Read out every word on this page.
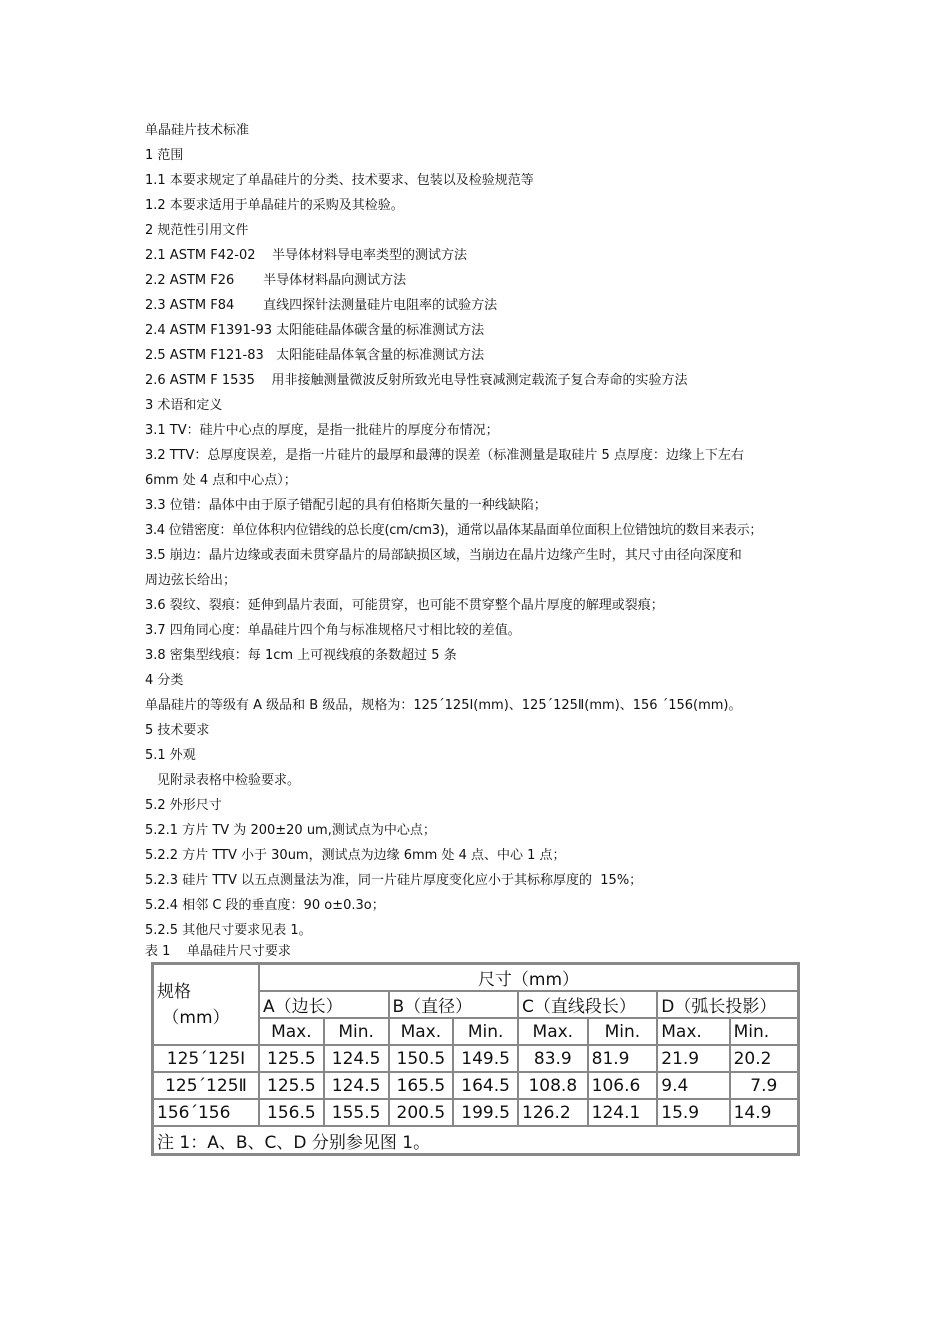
单晶硅片技术标准
1 范围
1.1 本要求规定了单晶硅片的分类、技术要求、包装以及检验规范等
1.2 本要求适用于单晶硅片的采购及其检验。
2 规范性引用文件
2.1 ASTM F42-02    半导体材料导电率类型的测试方法
2.2 ASTM F26       半导体材料晶向测试方法
2.3 ASTM F84       直线四探针法测量硅片电阻率的试验方法
2.4 ASTM F1391-93 太阳能硅晶体碳含量的标准测试方法
2.5 ASTM F121-83   太阳能硅晶体氧含量的标准测试方法
2.6 ASTM F 1535    用非接触测量微波反射所致光电导性衰减测定载流子复合寿命的实验方法
3 术语和定义
3.1 TV：硅片中心点的厚度，是指一批硅片的厚度分布情况；
3.2 TTV：总厚度误差，是指一片硅片的最厚和最薄的误差（标准测量是取硅片 5 点厚度：边缘上下左右
6mm 处 4 点和中心点）；
3.3 位错：晶体中由于原子错配引起的具有伯格斯矢量的一种线缺陷；
3.4 位错密度：单位体积内位错线的总长度(cm/cm3)，通常以晶体某晶面单位面积上位错蚀坑的数目来表示；
3.5 崩边：晶片边缘或表面未贯穿晶片的局部缺损区域，当崩边在晶片边缘产生时，其尺寸由径向深度和
周边弦长给出；
3.6 裂纹、裂痕：延伸到晶片表面，可能贯穿，也可能不贯穿整个晶片厚度的解理或裂痕；
3.7 四角同心度：单晶硅片四个角与标准规格尺寸相比较的差值。
3.8 密集型线痕：每 1cm 上可视线痕的条数超过 5 条
4 分类
单晶硅片的等级有 A 级品和 B 级品，规格为：125´125Ⅰ(mm)、125´125Ⅱ(mm)、156 ´156(mm)。
5 技术要求
5.1 外观
见附录表格中检验要求。
5.2 外形尺寸
5.2.1 方片 TV 为 200±20 um,测试点为中心点；
5.2.2 方片 TTV 小于 30um，测试点为边缘 6mm 处 4 点、中心 1 点；
5.2.3 硅片 TTV 以五点测量法为准，同一片硅片厚度变化应小于其标称厚度的  15%；
5.2.4 相邻 C 段的垂直度：90 o±0.3o；
5.2.5 其他尺寸要求见表 1。
表 1    单晶硅片尺寸要求
规格
（mm）	尺寸（mm）							
	A（边长）		B（直径）		C（直线段长）		D（弧长投影）	
	Max.	Min.	Max.	Min.	Max.	Min.	Max.	Min.
125´125Ⅰ	125.5	124.5	150.5	149.5	83.9	81.9	21.9	20.2
125´125Ⅱ	125.5	124.5	165.5	164.5	108.8	106.6	9.4	7.9
156´156	156.5	155.5	200.5	199.5	126.2	124.1	15.9	14.9
注 1：A、B、C、D 分别参见图 1。								
